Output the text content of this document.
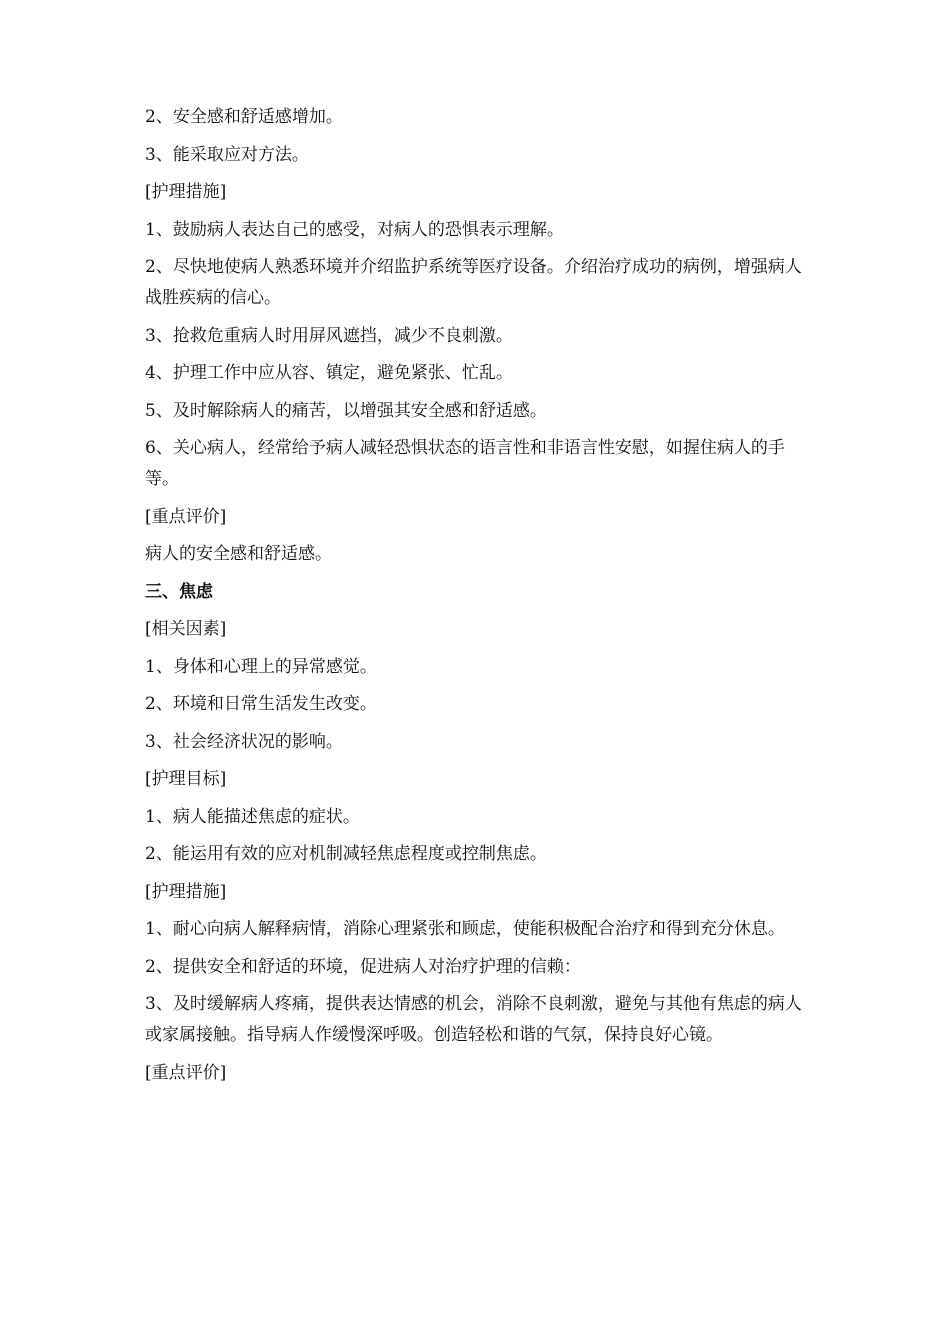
2、安全感和舒适感增加。

3、能采取应对方法。

[护理措施]

1、鼓励病人表达自己的感受，对病人的恐惧表示理解。

2、尽快地使病人熟悉环境并介绍监护系统等医疗设备。介绍治疗成功的病例，增强病人战胜疾病的信心。

3、抢救危重病人时用屏风遮挡，减少不良刺激。

4、护理工作中应从容、镇定，避免紧张、忙乱。

5、及时解除病人的痛苦，以增强其安全感和舒适感。

6、关心病人，经常给予病人减轻恐惧状态的语言性和非语言性安慰，如握住病人的手等。

[重点评价]

病人的安全感和舒适感。

三、焦虑

[相关因素]

1、身体和心理上的异常感觉。

2、环境和日常生活发生改变。

3、社会经济状况的影响。

[护理目标]

1、病人能描述焦虑的症状。

2、能运用有效的应对机制减轻焦虑程度或控制焦虑。

[护理措施]

1、耐心向病人解释病情，消除心理紧张和顾虑，使能积极配合治疗和得到充分休息。

2、提供安全和舒适的环境，促进病人对治疗护理的信赖：

3、及时缓解病人疼痛，提供表达情感的机会，消除不良刺激，避免与其他有焦虑的病人或家属接触。指导病人作缓慢深呼吸。创造轻松和谐的气氛，保持良好心镜。

[重点评价]
